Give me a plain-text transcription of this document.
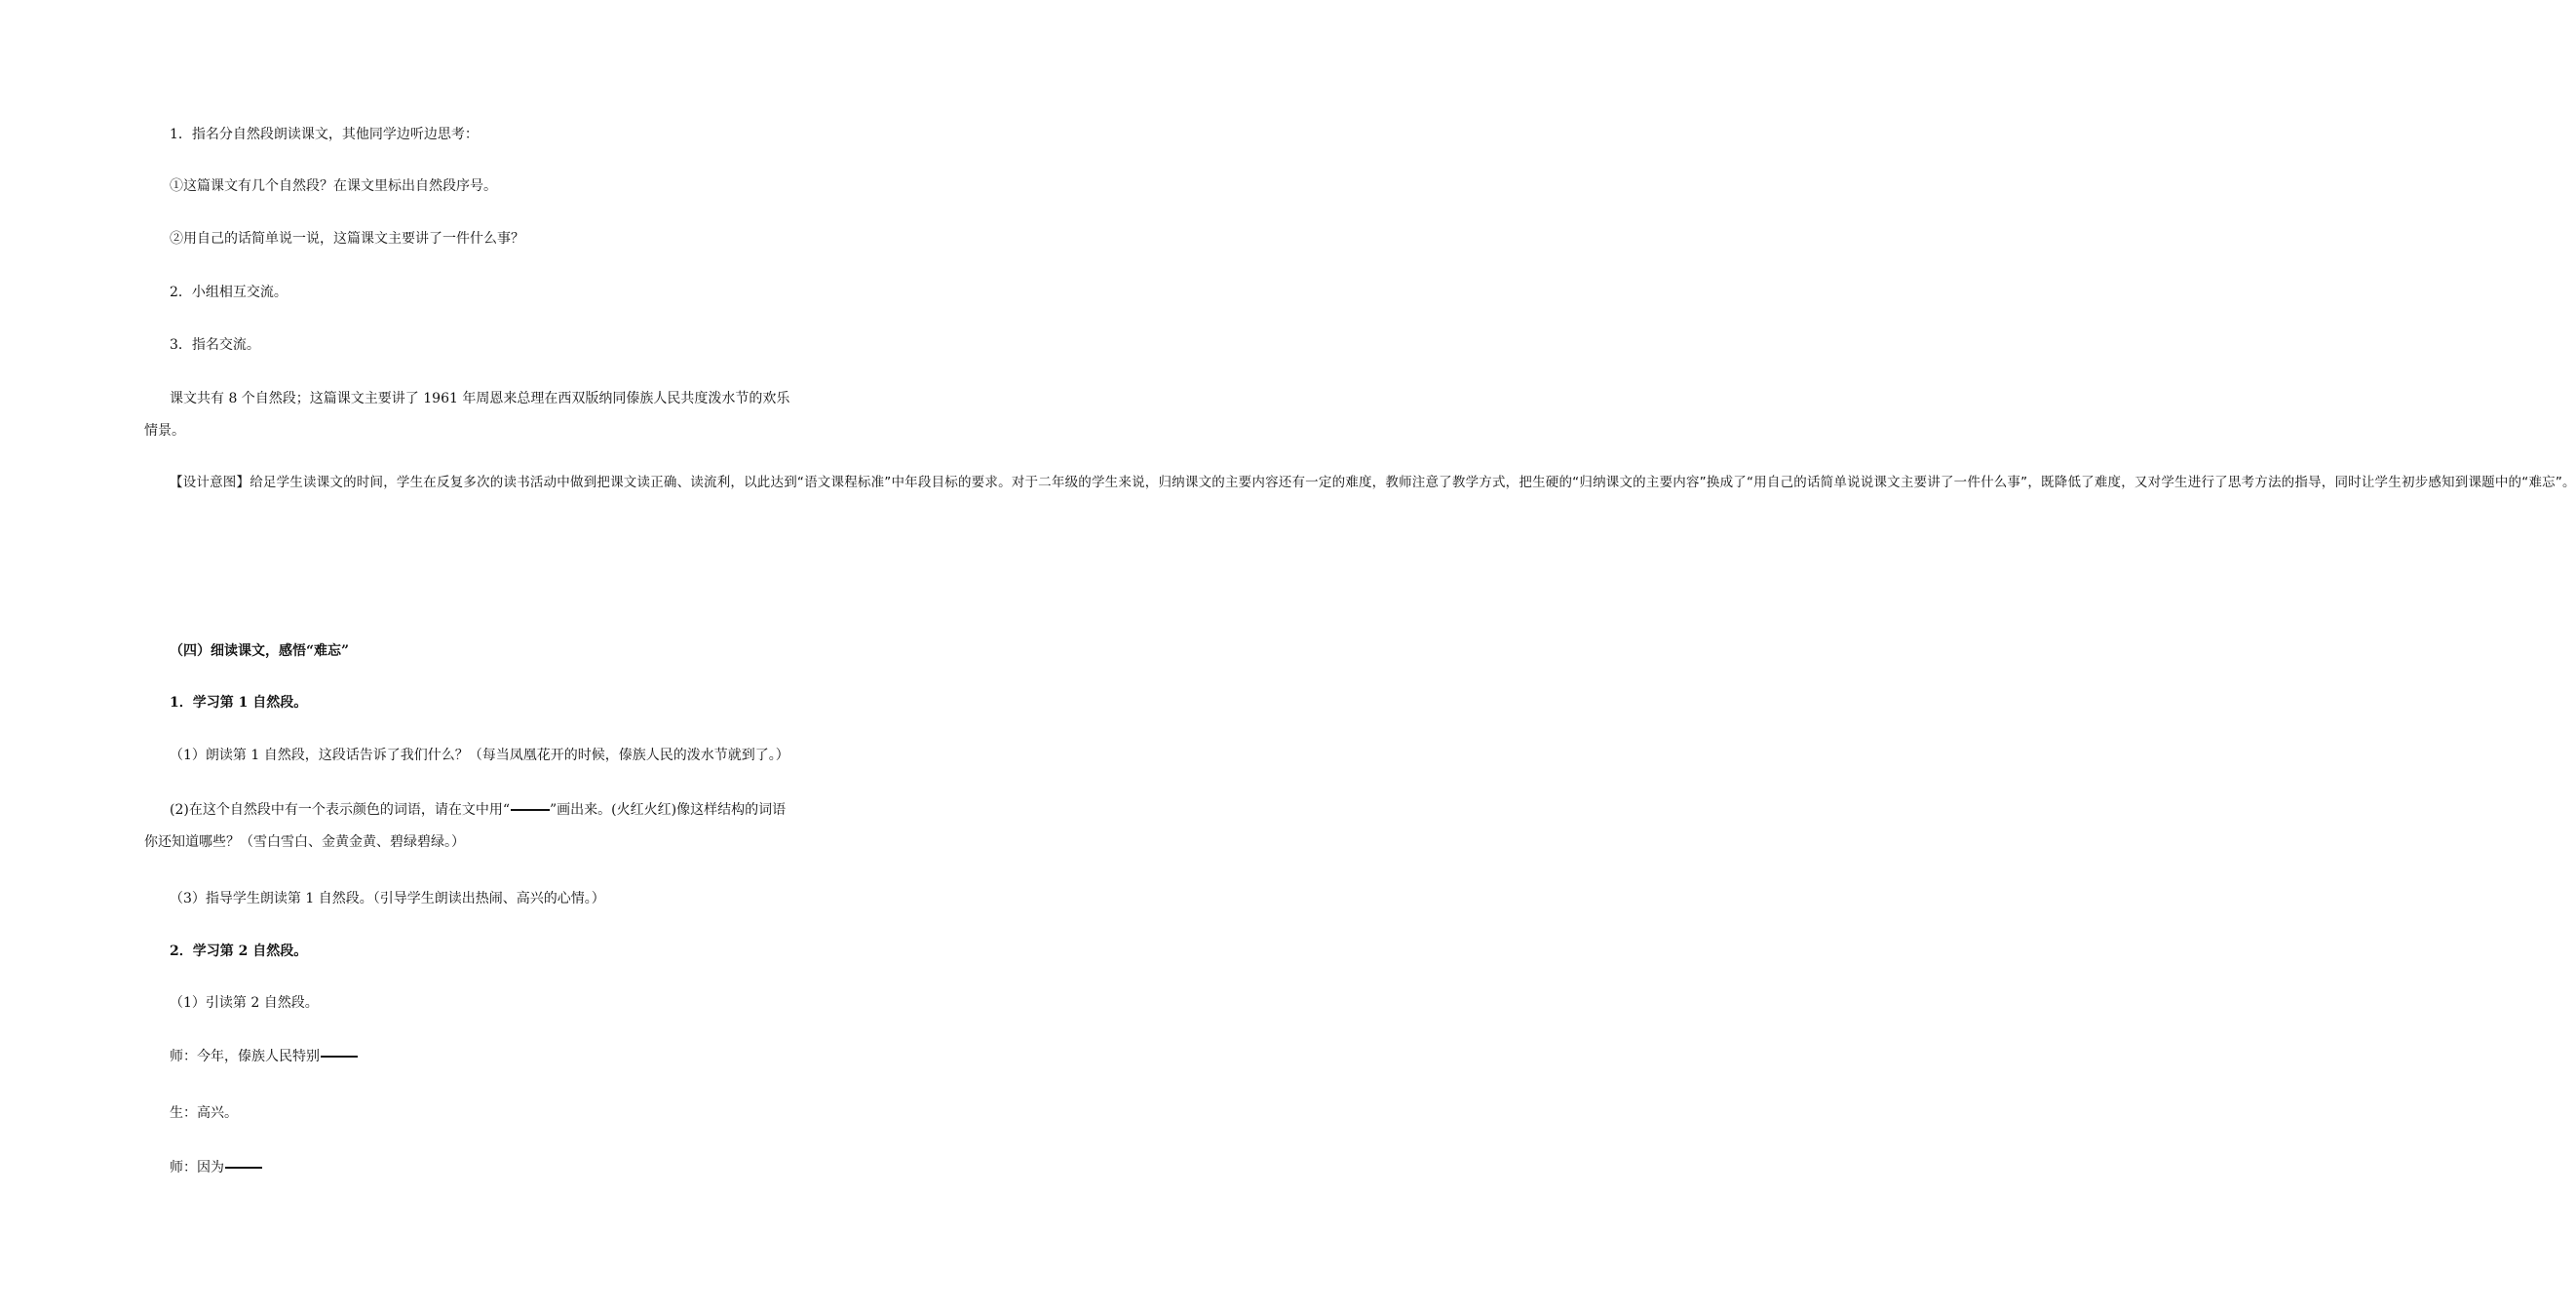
1．指名分自然段朗读课文，其他同学边听边思考：
①这篇课文有几个自然段？在课文里标出自然段序号。
②用自己的话简单说一说，这篇课文主要讲了一件什么事？
2．小组相互交流。
3．指名交流。
课文共有 8 个自然段；这篇课文主要讲了 1961 年周恩来总理在西双版纳同傣族人民共度泼水节的欢乐情景。
【设计意图】给足学生读课文的时间，学生在反复多次的读书活动中做到把课文读正确、读流利，以此达到“语文课程标准”中年段目标的要求。对于二年级的学生来说，归纳课文的主要内容还有一定的难度，教师注意了教学方式，把生硬的“归纳课文的主要内容”换成了“用自己的话简单说说课文主要讲了一件什么事”，既降低了难度，又对学生进行了思考方法的指导，同时让学生初步感知到课题中的“难忘”。
（四）细读课文，感悟“难忘”
1．学习第 1 自然段。
（1）朗读第 1 自然段，这段话告诉了我们什么？（每当凤凰花开的时候，傣族人民的泼水节就到了。）
(2)在这个自然段中有一个表示颜色的词语，请在文中用“	”画出来。(火红火红)像这样结构的词语你还知道哪些？（雪白雪白、金黄金黄、碧绿碧绿。）
（3）指导学生朗读第 1 自然段。（引导学生朗读出热闹、高兴的心情。）
2．学习第 2 自然段。
（1）引读第 2 自然段。
师：今年，傣族人民特别
生：高兴。
师：因为
